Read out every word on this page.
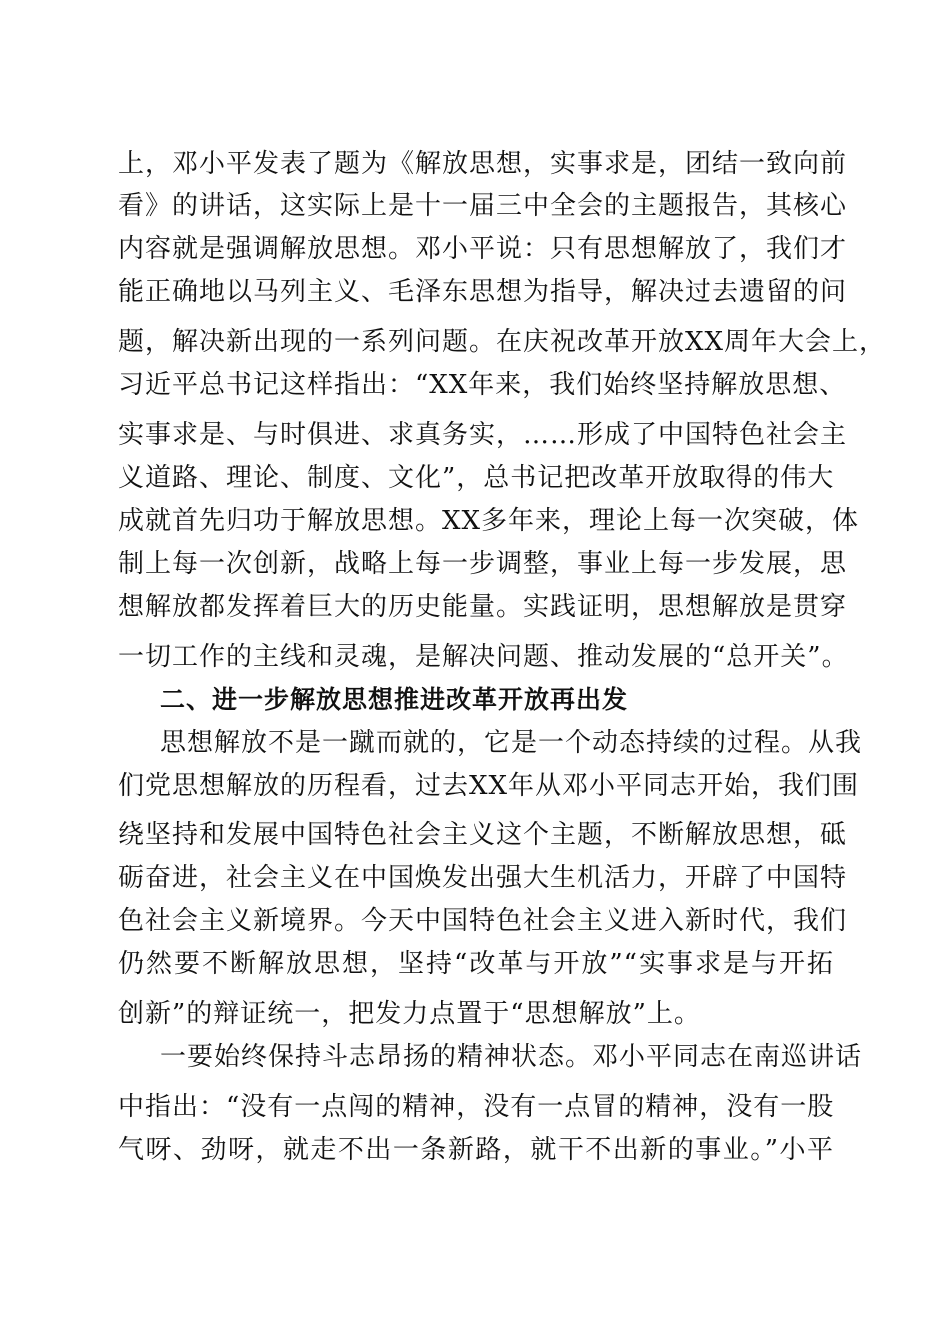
上，邓小平发表了题为《解放思想，实事求是，团结一致向前
看》的讲话，这实际上是十一届三中全会的主题报告，其核心
内容就是强调解放思想。邓小平说：只有思想解放了，我们才
能正确地以马列主义、毛泽东思想为指导，解决过去遗留的问
题，解决新出现的一系列问题。在庆祝改革开放XX周年大会上，
习近平总书记这样指出：“XX年来，我们始终坚持解放思想、
实事求是、与时俱进、求真务实，……形成了中国特色社会主
义道路、理论、制度、文化”，总书记把改革开放取得的伟大
成就首先归功于解放思想。XX多年来，理论上每一次突破，体
制上每一次创新，战略上每一步调整，事业上每一步发展，思
想解放都发挥着巨大的历史能量。实践证明，思想解放是贯穿
一切工作的主线和灵魂，是解决问题、推动发展的“总开关”。
二、进一步解放思想推进改革开放再出发
思想解放不是一蹴而就的，它是一个动态持续的过程。从我
们党思想解放的历程看，过去XX年从邓小平同志开始，我们围
绕坚持和发展中国特色社会主义这个主题，不断解放思想，砥
砺奋进，社会主义在中国焕发出强大生机活力，开辟了中国特
色社会主义新境界。今天中国特色社会主义进入新时代，我们
仍然要不断解放思想，坚持“改革与开放”“实事求是与开拓
创新”的辩证统一，把发力点置于“思想解放”上。
一要始终保持斗志昂扬的精神状态。邓小平同志在南巡讲话
中指出：“没有一点闯的精神，没有一点冒的精神，没有一股
气呀、劲呀，就走不出一条新路，就干不出新的事业。”小平
